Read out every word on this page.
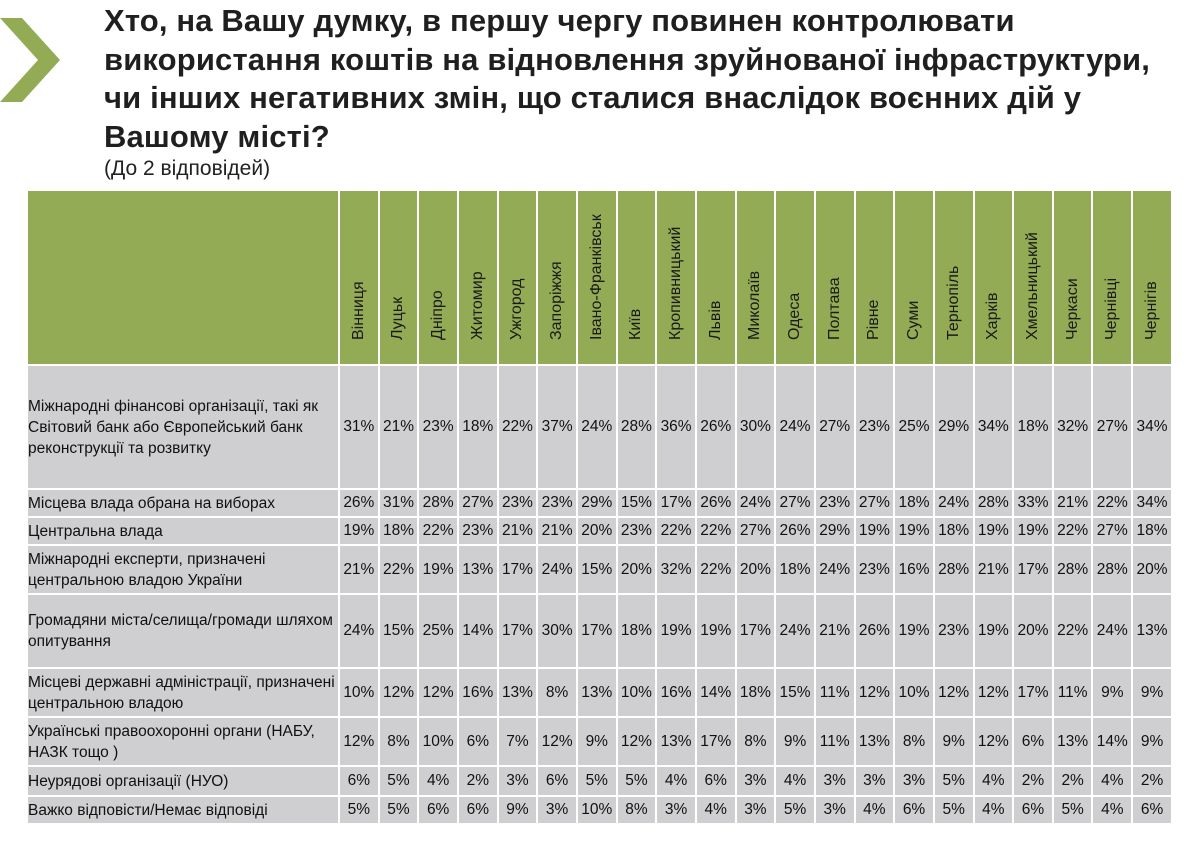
Хто, на Вашу думку, в першу чергу повинен контролювати використання коштів на відновлення зруйнованої інфраструктури, чи інших негативних змін, що сталися внаслідок воєнних дій у Вашому місті?
(До 2 відповідей)

	Вінниця	Луцьк	Дніпро	Житомир	Ужгород	Запоріжжя	Івано-Франківськ	Київ	Кропивницький	Львів	Миколаїв	Одеса	Полтава	Рівне	Суми	Тернопіль	Харків	Хмельницький	Черкаси	Чернівці	Чернігів

Міжнародні фінансові організації, такі як Світовий банк або Європейський банк реконструкції та розвитку	31%	21%	23%	18%	22%	37%	24%	28%	36%	26%	30%	24%	27%	23%	25%	29%	34%	18%	32%	27%	34%
Місцева влада обрана на виборах	26%	31%	28%	27%	23%	23%	29%	15%	17%	26%	24%	27%	23%	27%	18%	24%	28%	33%	21%	22%	34%
Центральна влада	19%	18%	22%	23%	21%	21%	20%	23%	22%	22%	27%	26%	29%	19%	19%	18%	19%	19%	22%	27%	18%
Міжнародні експерти, призначені центральною владою України	21%	22%	19%	13%	17%	24%	15%	20%	32%	22%	20%	18%	24%	23%	16%	28%	21%	17%	28%	28%	20%
Громадяни міста/селища/громади шляхом опитування	24%	15%	25%	14%	17%	30%	17%	18%	19%	19%	17%	24%	21%	26%	19%	23%	19%	20%	22%	24%	13%
Місцеві державні адміністрації, призначені центральною владою	10%	12%	12%	16%	13%	8%	13%	10%	16%	14%	18%	15%	11%	12%	10%	12%	12%	17%	11%	9%	9%
Українські правоохоронні органи (НАБУ, НАЗК тощо )	12%	8%	10%	6%	7%	12%	9%	12%	13%	17%	8%	9%	11%	13%	8%	9%	12%	6%	13%	14%	9%
Неурядові організації (НУО)	6%	5%	4%	2%	3%	6%	5%	5%	4%	6%	3%	4%	3%	3%	3%	5%	4%	2%	2%	4%	2%
Важко відповісти/Немає відповіді	5%	5%	6%	6%	9%	3%	10%	8%	3%	4%	3%	5%	3%	4%	6%	5%	4%	6%	5%	4%	6%
